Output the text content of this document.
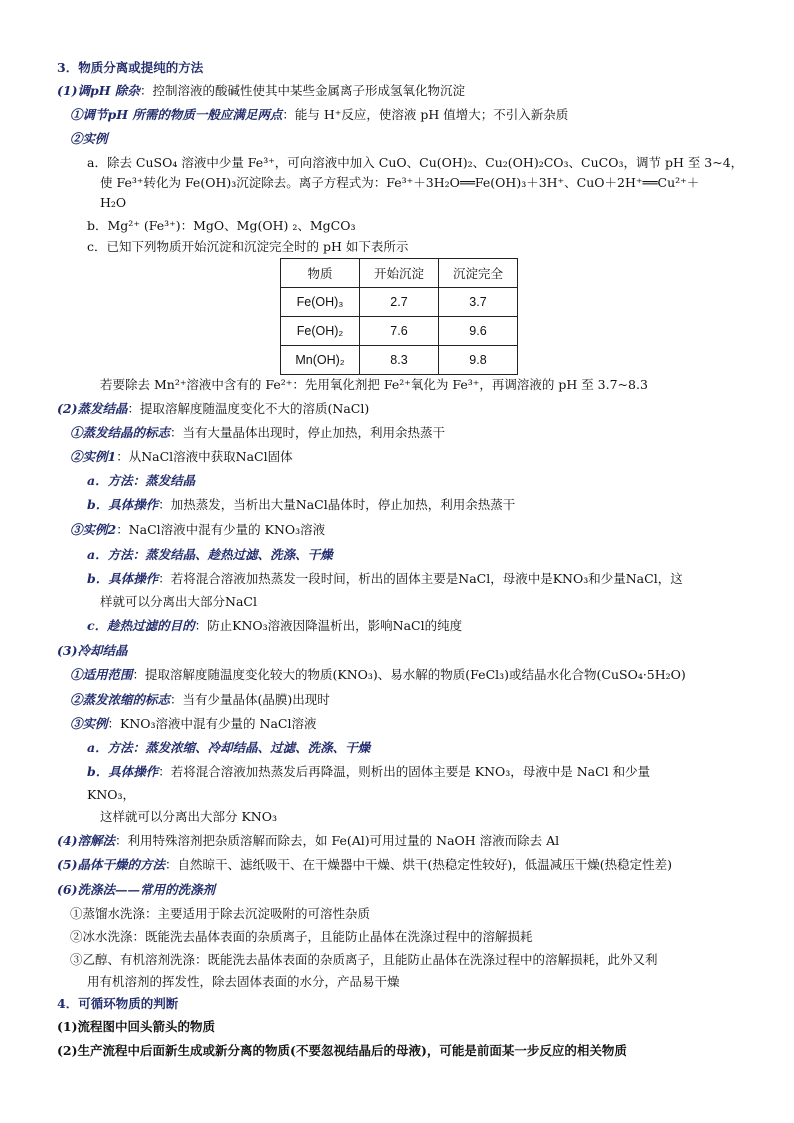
3．物质分离或提纯的方法
(1)调pH 除杂：控制溶液的酸碱性使其中某些金属离子形成氢氧化物沉淀
①调节pH 所需的物质一般应满足两点：能与 H⁺反应，使溶液 pH 值增大；不引入新杂质
②实例
a．除去 CuSO₄ 溶液中少量 Fe³⁺，可向溶液中加入 CuO、Cu(OH)₂、Cu₂(OH)₂CO₃、CuCO₃，调节 pH 至 3~4，
使 Fe³⁺转化为 Fe(OH)₃沉淀除去。离子方程式为：Fe³⁺＋3H₂O══Fe(OH)₃＋3H⁺、CuO＋2H⁺══Cu²⁺＋
H₂O
b．Mg²⁺ (Fe³⁺)：MgO、Mg(OH) ₂、MgCO₃
c．已知下列物质开始沉淀和沉淀完全时的 pH 如下表所示
物质	开始沉淀	沉淀完全
Fe(OH)₃	2.7	3.7
Fe(OH)₂	7.6	9.6
Mn(OH)₂	8.3	9.8
若要除去 Mn²⁺溶液中含有的 Fe²⁺：先用氧化剂把 Fe²⁺氧化为 Fe³⁺，再调溶液的 pH 至 3.7~8.3
(2)蒸发结晶：提取溶解度随温度变化不大的溶质(NaCl)
①蒸发结晶的标志：当有大量晶体出现时，停止加热，利用余热蒸干
②实例1：从NaCl溶液中获取NaCl固体
a．方法：蒸发结晶
b．具体操作：加热蒸发，当析出大量NaCl晶体时，停止加热，利用余热蒸干
③实例2：NaCl溶液中混有少量的 KNO₃溶液
a．方法：蒸发结晶、趁热过滤、洗涤、干燥
b．具体操作：若将混合溶液加热蒸发一段时间，析出的固体主要是NaCl，母液中是KNO₃和少量NaCl，这
样就可以分离出大部分NaCl
c．趁热过滤的目的：防止KNO₃溶液因降温析出，影响NaCl的纯度
(3)冷却结晶
①适用范围：提取溶解度随温度变化较大的物质(KNO₃)、易水解的物质(FeCl₃)或结晶水化合物(CuSO₄·5H₂O)
②蒸发浓缩的标志：当有少量晶体(晶膜)出现时
③实例：KNO₃溶液中混有少量的 NaCl溶液
a．方法：蒸发浓缩、冷却结晶、过滤、洗涤、干燥
b．具体操作：若将混合溶液加热蒸发后再降温，则析出的固体主要是 KNO₃，母液中是 NaCl 和少量
KNO₃，
这样就可以分离出大部分 KNO₃
(4)溶解法：利用特殊溶剂把杂质溶解而除去，如 Fe(Al)可用过量的 NaOH 溶液而除去 Al
(5)晶体干燥的方法：自然晾干、滤纸吸干、在干燥器中干燥、烘干(热稳定性较好)，低温减压干燥(热稳定性差)
(6)洗涤法——常用的洗涤剂
①蒸馏水洗涤：主要适用于除去沉淀吸附的可溶性杂质
②冰水洗涤：既能洗去晶体表面的杂质离子，且能防止晶体在洗涤过程中的溶解损耗
③乙醇、有机溶剂洗涤：既能洗去晶体表面的杂质离子，且能防止晶体在洗涤过程中的溶解损耗，此外又利
用有机溶剂的挥发性，除去固体表面的水分，产品易干燥
4．可循环物质的判断
(1)流程图中回头箭头的物质
(2)生产流程中后面新生成或新分离的物质(不要忽视结晶后的母液)，可能是前面某一步反应的相关物质
